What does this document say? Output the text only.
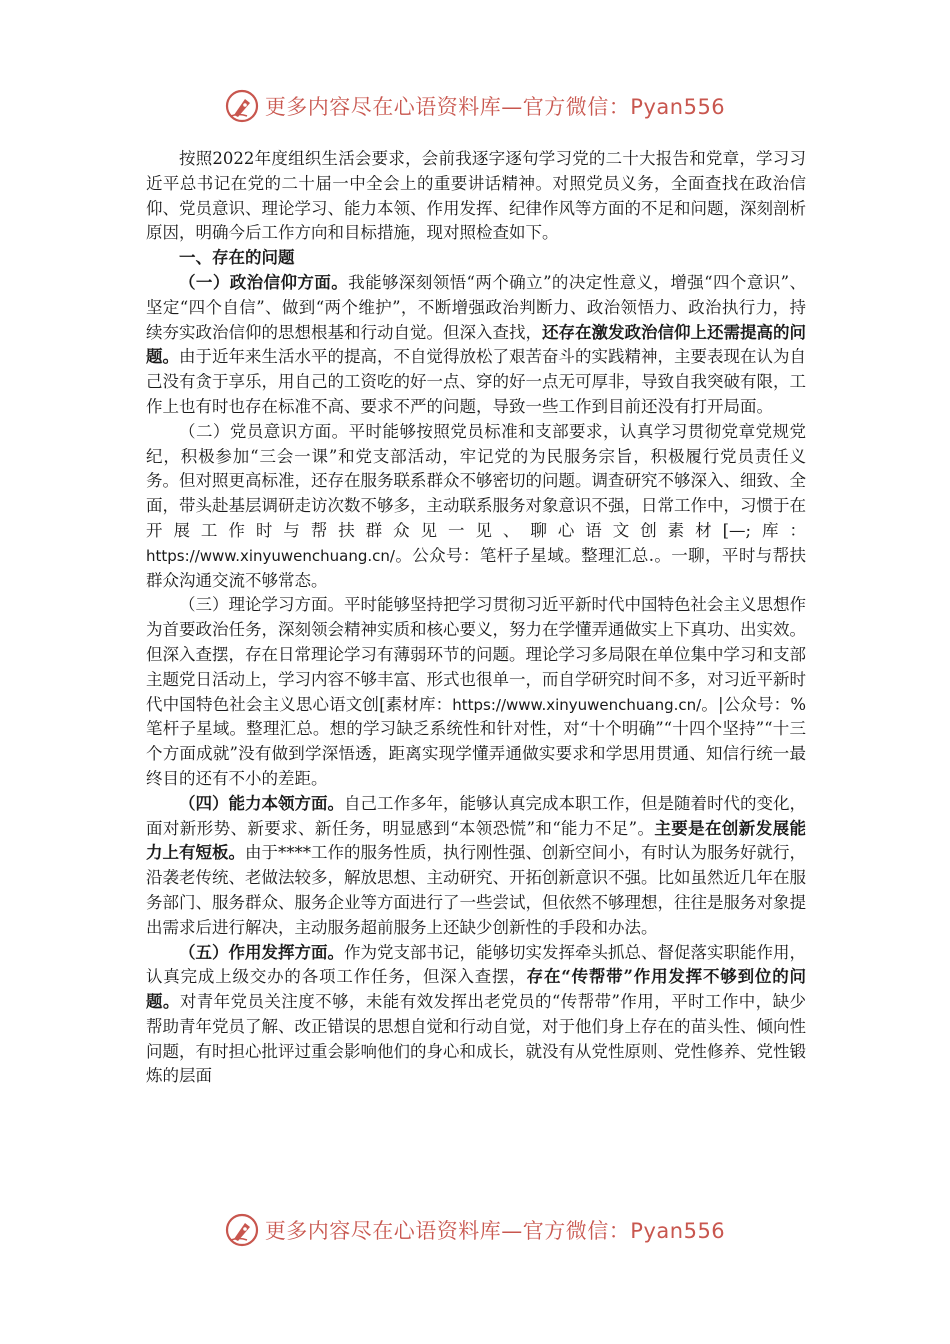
更多内容尽在心语资料库—官方微信：Pyan556

按照2022年度组织生活会要求，会前我逐字逐句学习党的二十大报告和党章，学习习近平总书记在党的二十届一中全会上的重要讲话精神。对照党员义务，全面查找在政治信仰、党员意识、理论学习、能力本领、作用发挥、纪律作风等方面的不足和问题，深刻剖析原因，明确今后工作方向和目标措施，现对照检查如下。

一、存在的问题

（一）政治信仰方面。我能够深刻领悟“两个确立”的决定性意义，增强“四个意识”、坚定“四个自信”、做到“两个维护”，不断增强政治判断力、政治领悟力、政治执行力，持续夯实政治信仰的思想根基和行动自觉。但深入查找，还存在激发政治信仰上还需提高的问题。由于近年来生活水平的提高，不自觉得放松了艰苦奋斗的实践精神，主要表现在认为自己没有贪于享乐，用自己的工资吃的好一点、穿的好一点无可厚非，导致自我突破有限，工作上也有时也存在标准不高、要求不严的问题，导致一些工作到目前还没有打开局面。

（二）党员意识方面。平时能够按照党员标准和支部要求，认真学习贯彻党章党规党纪，积极参加“三会一课”和党支部活动，牢记党的为民服务宗旨，积极履行党员责任义务。但对照更高标准，还存在服务联系群众不够密切的问题。调查研究不够深入、细致、全面，带头赴基层调研走访次数不够多，主动联系服务对象意识不强，日常工作中，习惯于在开展工作时与帮扶群众见一见、聊心语文创素材[—;库：https://www.xinyuwenchuang.cn/。公众号：笔杆子星域。整理汇总.。一聊，平时与帮扶群众沟通交流不够常态。

（三）理论学习方面。平时能够坚持把学习贯彻习近平新时代中国特色社会主义思想作为首要政治任务，深刻领会精神实质和核心要义，努力在学懂弄通做实上下真功、出实效。但深入查摆，存在日常理论学习有薄弱环节的问题。理论学习多局限在单位集中学习和支部主题党日活动上，学习内容不够丰富、形式也很单一，而自学研究时间不多，对习近平新时代中国特色社会主义思心语文创[素材库：https://www.xinyuwenchuang.cn/。|公众号：%笔杆子星域。整理汇总。想的学习缺乏系统性和针对性，对“十个明确”“十四个坚持”“十三个方面成就”没有做到学深悟透，距离实现学懂弄通做实要求和学思用贯通、知信行统一最终目的还有不小的差距。

（四）能力本领方面。自己工作多年，能够认真完成本职工作，但是随着时代的变化，面对新形势、新要求、新任务，明显感到“本领恐慌”和“能力不足”。主要是在创新发展能力上有短板。由于****工作的服务性质，执行刚性强、创新空间小，有时认为服务好就行，沿袭老传统、老做法较多，解放思想、主动研究、开拓创新意识不强。比如虽然近几年在服务部门、服务群众、服务企业等方面进行了一些尝试，但依然不够理想，往往是服务对象提出需求后进行解决，主动服务超前服务上还缺少创新性的手段和办法。

（五）作用发挥方面。作为党支部书记，能够切实发挥牵头抓总、督促落实职能作用，认真完成上级交办的各项工作任务，但深入查摆，存在“传帮带”作用发挥不够到位的问题。对青年党员关注度不够，未能有效发挥出老党员的“传帮带”作用，平时工作中，缺少帮助青年党员了解、改正错误的思想自觉和行动自觉，对于他们身上存在的苗头性、倾向性问题，有时担心批评过重会影响他们的身心和成长，就没有从党性原则、党性修养、党性锻炼的层面

更多内容尽在心语资料库—官方微信：Pyan556
